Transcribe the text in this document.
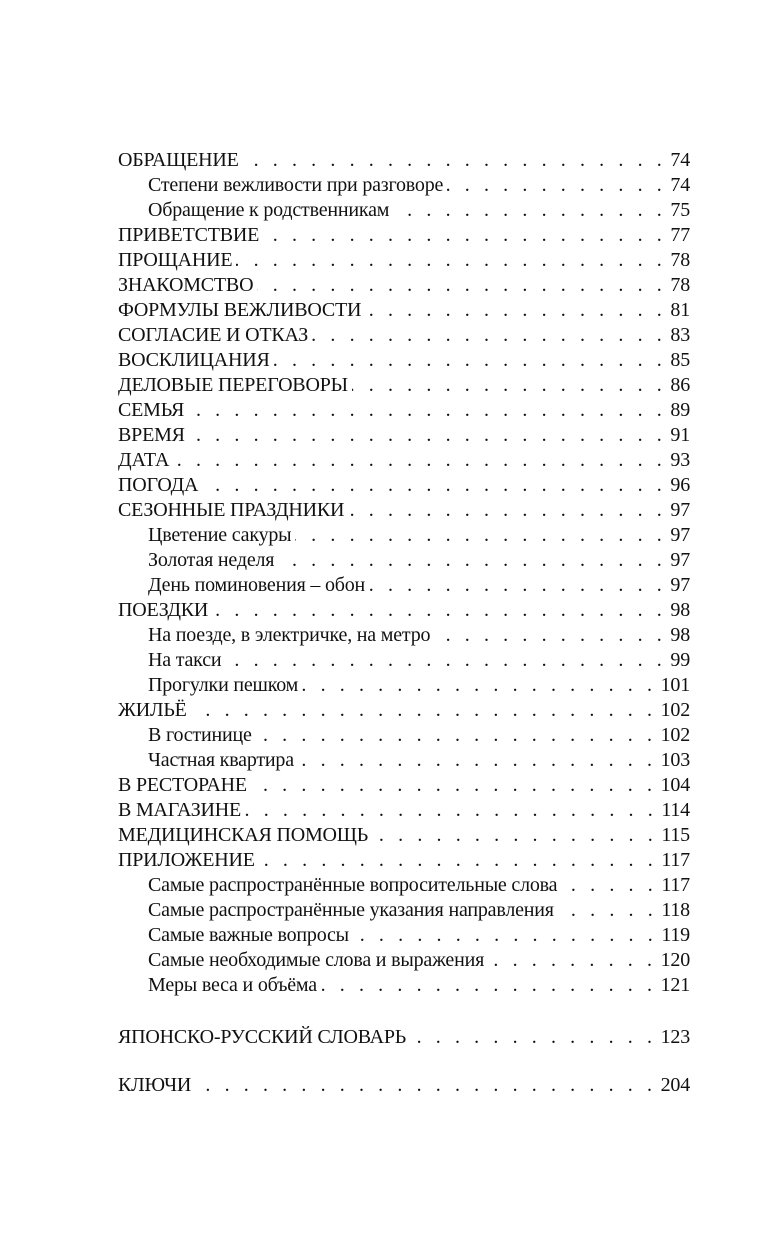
ОБРАЩЕНИЕ . . .	74
Степени вежливости при разговоре . . .	74
Обращение к родственникам . . .	75
ПРИВЕТСТВИЕ . . .	77
ПРОЩАНИЕ . . .	78
ЗНАКОМСТВО . . .	78
ФОРМУЛЫ ВЕЖЛИВОСТИ . . .	81
СОГЛАСИЕ И ОТКАЗ . . .	83
ВОСКЛИЦАНИЯ . . .	85
ДЕЛОВЫЕ ПЕРЕГОВОРЫ . . .	86
СЕМЬЯ . . .	89
ВРЕМЯ . . .	91
ДАТА . . .	93
ПОГОДА . . .	96
СЕЗОННЫЕ ПРАЗДНИКИ . . .	97
Цветение сакуры . . .	97
Золотая неделя . . .	97
День поминовения – обон . . .	97
ПОЕЗДКИ . . .	98
На поезде, в электричке, на метро . . .	98
На такси . . .	99
Прогулки пешком . . .	101
ЖИЛЬЁ . . .	102
В гостинице . . .	102
Частная квартира . . .	103
В РЕСТОРАНЕ . . .	104
В МАГАЗИНЕ . . .	114
МЕДИЦИНСКАЯ ПОМОЩЬ . . .	115
ПРИЛОЖЕНИЕ . . .	117
Самые распространённые вопросительные слова . . .	117
Самые распространённые указания направления . . .	118
Самые важные вопросы . . .	119
Самые необходимые слова и выражения . . .	120
Меры веса и объёма . . .	121
ЯПОНСКО-РУССКИЙ СЛОВАРЬ . . .	123
КЛЮЧИ . . .	204
